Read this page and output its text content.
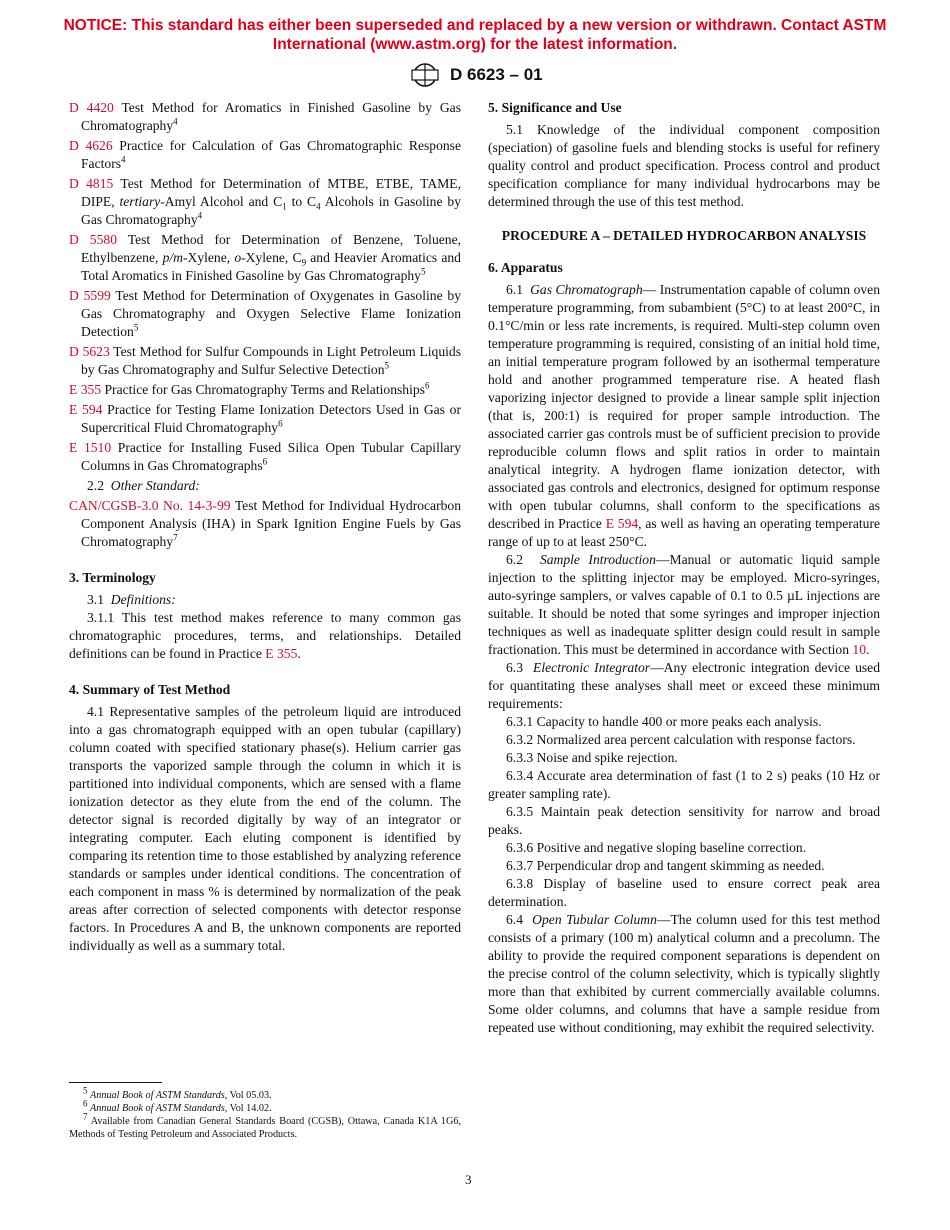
NOTICE: This standard has either been superseded and replaced by a new version or withdrawn. Contact ASTM International (www.astm.org) for the latest information.
D 6623 – 01

D 4420 Test Method for Aromatics in Finished Gasoline by Gas Chromatography$^4$

D 4626 Practice for Calculation of Gas Chromatographic Response Factors$^4$

D 4815 Test Method for Determination of MTBE, ETBE, TAME, DIPE, tertiary-Amyl Alcohol and $C_1$ to $C_4$ Alcohols in Gasoline by Gas Chromatography$^4$

D 5580 Test Method for Determination of Benzene, Toluene, Ethylbenzene, p/m-Xylene, o-Xylene, $C_9$ and Heavier Aromatics and Total Aromatics in Finished Gasoline by Gas Chromatography$^5$

D 5599 Test Method for Determination of Oxygenates in Gasoline by Gas Chromatography and Oxygen Selective Flame Ionization Detection$^5$

D 5623 Test Method for Sulfur Compounds in Light Petroleum Liquids by Gas Chromatography and Sulfur Selective Detection$^5$

E 355 Practice for Gas Chromatography Terms and Relationships$^6$

E 594 Practice for Testing Flame Ionization Detectors Used in Gas or Supercritical Fluid Chromatography$^6$

E 1510 Practice for Installing Fused Silica Open Tubular Capillary Columns in Gas Chromatographs$^6$

2.2 Other Standard:

CAN/CGSB-3.0 No. 14-3-99 Test Method for Individual Hydrocarbon Component Analysis (IHA) in Spark Ignition Engine Fuels by Gas Chromatography$^7$

3. Terminology

3.1 Definitions:

3.1.1 This test method makes reference to many common gas chromatographic procedures, terms, and relationships. Detailed definitions can be found in Practice E 355.

4. Summary of Test Method

4.1 Representative samples of the petroleum liquid are introduced into a gas chromatograph equipped with an open tubular (capillary) column coated with specified stationary phase(s). Helium carrier gas transports the vaporized sample through the column in which it is partitioned into individual components, which are sensed with a flame ionization detector as they elute from the end of the column. The detector signal is recorded digitally by way of an integrator or integrating computer. Each eluting component is identified by comparing its retention time to those established by analyzing reference standards or samples under identical conditions. The concentration of each component in mass % is determined by normalization of the peak areas after correction of selected components with detector response factors. In Procedures A and B, the unknown components are reported individually as well as a summary total.

$^5$ Annual Book of ASTM Standards, Vol 05.03.

$^6$ Annual Book of ASTM Standards, Vol 14.02.

$^7$ Available from Canadian General Standards Board (CGSB), Ottawa, Canada K1A 1G6, Methods of Testing Petroleum and Associated Products.

5. Significance and Use

5.1 Knowledge of the individual component composition (speciation) of gasoline fuels and blending stocks is useful for refinery quality control and product specification. Process control and product specification compliance for many individual hydrocarbons may be determined through the use of this test method.

PROCEDURE A – DETAILED HYDROCARBON ANALYSIS
6. Apparatus

6.1 Gas Chromatograph— Instrumentation capable of column oven temperature programming, from subambient (5°C) to at least 200°C, in 0.1°C/min or less rate increments, is required. Multi-step column oven temperature programming is required, consisting of an initial hold time, an initial temperature program followed by an isothermal temperature hold and another programmed temperature rise. A heated flash vaporizing injector designed to provide a linear sample split injection (that is, 200:1) is required for proper sample introduction. The associated carrier gas controls must be of sufficient precision to provide reproducible column flows and split ratios in order to maintain analytical integrity. A hydrogen flame ionization detector, with associated gas controls and electronics, designed for optimum response with open tubular columns, shall conform to the specifications as described in Practice E 594, as well as having an operating temperature range of up to at least 250°C.

6.2 Sample Introduction—Manual or automatic liquid sample injection to the splitting injector may be employed. Micro-syringes, auto-syringe samplers, or valves capable of 0.1 to 0.5 µL injections are suitable. It should be noted that some syringes and improper injection techniques as well as inadequate splitter design could result in sample fractionation. This must be determined in accordance with Section 10.

6.3 Electronic Integrator—Any electronic integration device used for quantitating these analyses shall meet or exceed these minimum requirements:

6.3.1 Capacity to handle 400 or more peaks each analysis.

6.3.2 Normalized area percent calculation with response factors.

6.3.3 Noise and spike rejection.

6.3.4 Accurate area determination of fast (1 to 2 s) peaks (10 Hz or greater sampling rate).

6.3.5 Maintain peak detection sensitivity for narrow and broad peaks.

6.3.6 Positive and negative sloping baseline correction.

6.3.7 Perpendicular drop and tangent skimming as needed.

6.3.8 Display of baseline used to ensure correct peak area determination.

6.4 Open Tubular Column—The column used for this test method consists of a primary (100 m) analytical column and a precolumn. The ability to provide the required component separations is dependent on the precise control of the column selectivity, which is typically slightly more than that exhibited by current commercially available columns. Some older columns, and columns that have a sample residue from repeated use without conditioning, may exhibit the required selectivity.

3
